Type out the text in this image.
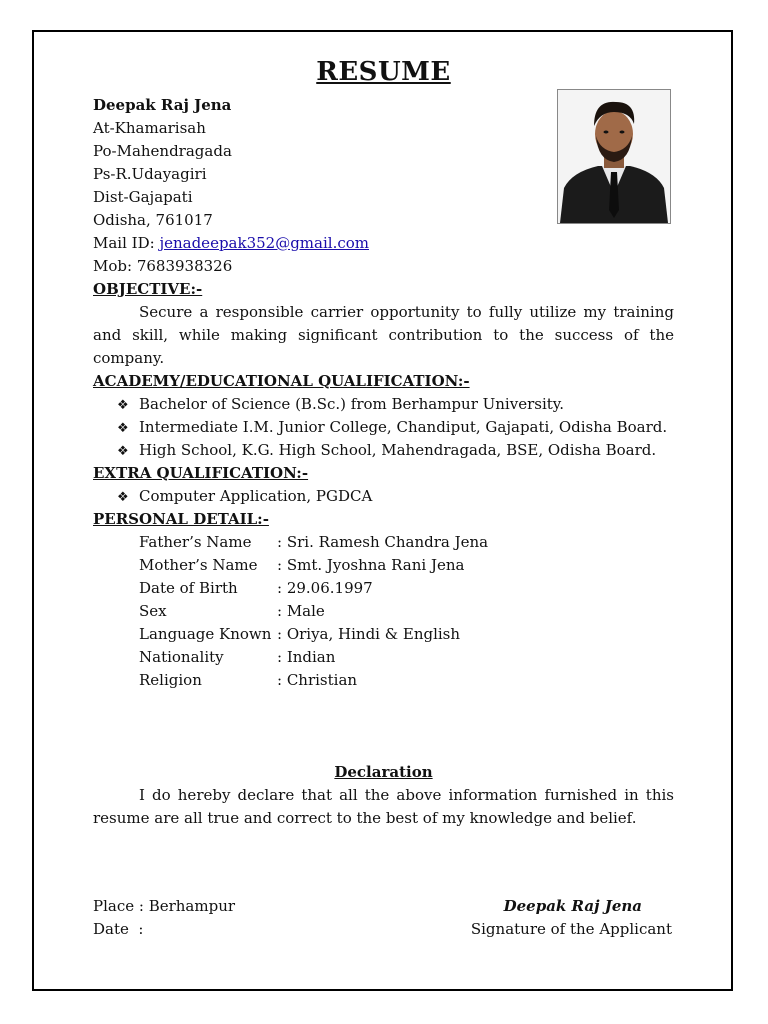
RESUME
Deepak Raj Jena
At-Khamarisah
Po-Mahendragada
Ps-R.Udayagiri
Dist-Gajapati
Odisha, 761017
Mail ID: jenadeepak352@gmail.com
Mob: 7683938326
OBJECTIVE:-
Secure a responsible carrier opportunity to fully utilize my training and skill, while making significant contribution to the success of the company.
ACADEMY/EDUCATIONAL QUALIFICATION:-
❖ Bachelor of Science (B.Sc.) from Berhampur University.
❖ Intermediate I.M. Junior College, Chandiput, Gajapati, Odisha Board.
❖ High School, K.G. High School, Mahendragada, BSE, Odisha Board.
EXTRA QUALIFICATION:-
❖ Computer Application, PGDCA
PERSONAL DETAIL:-
Father’s Name	: Sri. Ramesh Chandra Jena
Mother’s Name	: Smt. Jyoshna Rani Jena
Date of Birth	: 29.06.1997
Sex	: Male
Language Known	: Oriya, Hindi & English
Nationality	: Indian
Religion	: Christian
Declaration
I do hereby declare that all the above information furnished in this resume are all true and correct to the best of my knowledge and belief.
Place : Berhampur	Deepak Raj Jena
Date  :	Signature of the Applicant
